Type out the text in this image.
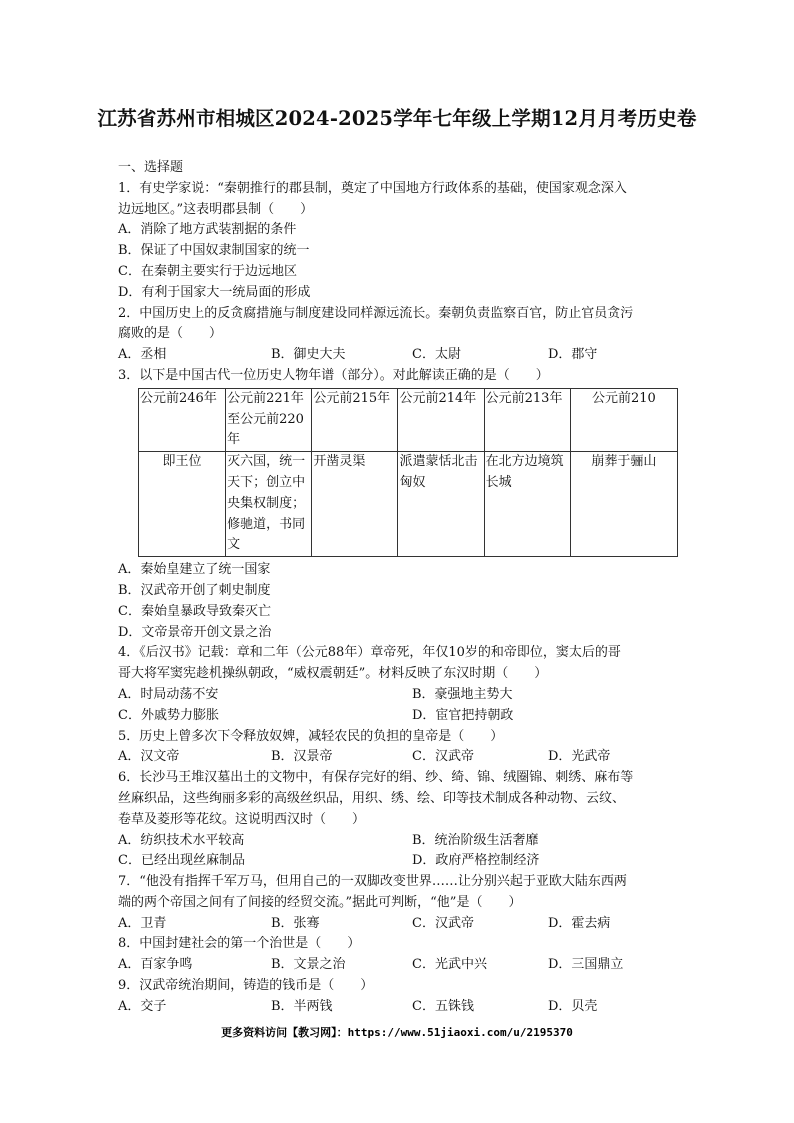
江苏省苏州市相城区2024-2025学年七年级上学期12月月考历史卷
一、选择题
1．有史学家说：“秦朝推行的郡县制，奠定了中国地方行政体系的基础，使国家观念深入
边远地区。”这表明郡县制（　　）
A．消除了地方武装割据的条件
B．保证了中国奴隶制国家的统一
C．在秦朝主要实行于边远地区
D．有利于国家大一统局面的形成
2．中国历史上的反贪腐措施与制度建设同样源远流长。秦朝负责监察百官，防止官员贪污
腐败的是（　　）
A．丞相	B．御史大夫	C．太尉	D．郡守
3．以下是中国古代一位历史人物年谱（部分）。对此解读正确的是（　　）
公元前246年	公元前221年至公元前220年	公元前215年	公元前214年	公元前213年	公元前210
即王位	灭六国，统一天下；创立中央集权制度；修驰道，书同文	开凿灵渠	派遣蒙恬北击匈奴	在北方边境筑长城	崩葬于骊山
A．秦始皇建立了统一国家
B．汉武帝开创了刺史制度
C．秦始皇暴政导致秦灭亡
D．文帝景帝开创文景之治
4．《后汉书》记载：章和二年（公元88年）章帝死，年仅10岁的和帝即位，窦太后的哥
哥大将军窦宪趁机操纵朝政，“威权震朝廷”。材料反映了东汉时期（　　）
A．时局动荡不安	B．豪强地主势大
C．外戚势力膨胀	D．宦官把持朝政
5．历史上曾多次下令释放奴婢，减轻农民的负担的皇帝是（　　）
A．汉文帝	B．汉景帝	C．汉武帝	D．光武帝
6．长沙马王堆汉墓出土的文物中，有保存完好的绢、纱、绮、锦、绒圈锦、刺绣、麻布等
丝麻织品，这些绚丽多彩的高级丝织品，用织、绣、绘、印等技术制成各种动物、云纹、
卷草及菱形等花纹。这说明西汉时（　　）
A．纺织技术水平较高	B．统治阶级生活奢靡
C．已经出现丝麻制品	D．政府严格控制经济
7．“他没有指挥千军万马，但用自己的一双脚改变世界……让分别兴起于亚欧大陆东西两
端的两个帝国之间有了间接的经贸交流。”据此可判断，“他”是（　　）
A．卫青	B．张骞	C．汉武帝	D．霍去病
8．中国封建社会的第一个治世是（　　）
A．百家争鸣	B．文景之治	C．光武中兴	D．三国鼎立
9．汉武帝统治期间，铸造的钱币是（　　）
A．交子	B．半两钱	C．五铢钱	D．贝壳
更多资料访问【教习网】：https://www.51jiaoxi.com/u/2195370
